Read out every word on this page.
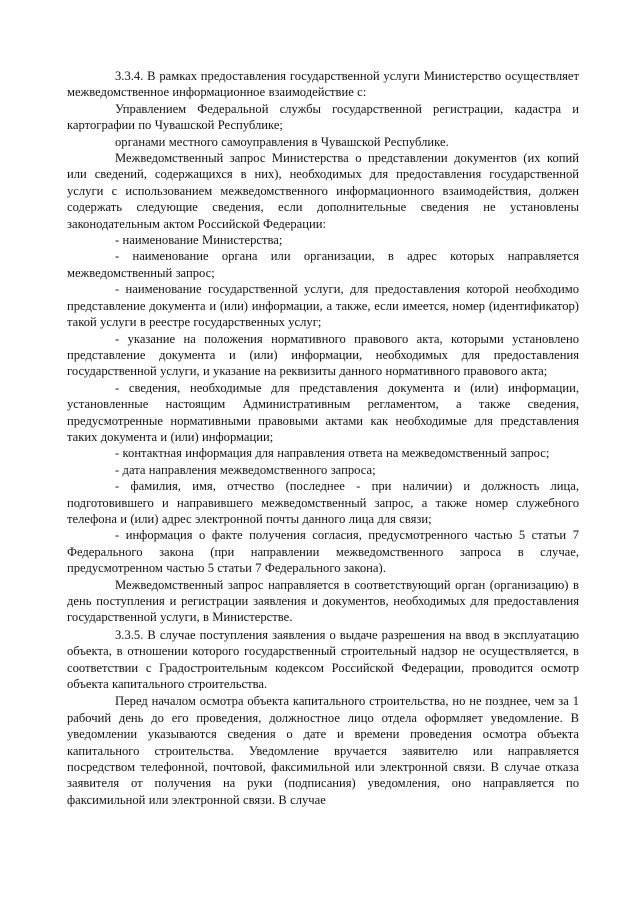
3.3.4. В рамках предоставления государственной услуги Министерство осуществляет межведомственное информационное взаимодействие с:

Управлением Федеральной службы государственной регистрации, кадастра и картографии по Чувашской Республике;

органами местного самоуправления в Чувашской Республике.

Межведомственный запрос Министерства о представлении документов (их копий или сведений, содержащихся в них), необходимых для предоставления государственной услуги с использованием межведомственного информационного взаимодействия, должен содержать следующие сведения, если дополнительные сведения не установлены законодательным актом Российской Федерации:

- наименование Министерства;

- наименование органа или организации, в адрес которых направляется межведомственный запрос;

- наименование государственной услуги, для предоставления которой необходимо представление документа и (или) информации, а также, если имеется, номер (идентификатор) такой услуги в реестре государственных услуг;

- указание на положения нормативного правового акта, которыми установлено представление документа и (или) информации, необходимых для предоставления государственной услуги, и указание на реквизиты данного нормативного правового акта;

- сведения, необходимые для представления документа и (или) информации, установленные настоящим Административным регламентом, а также сведения, предусмотренные нормативными правовыми актами как необходимые для представления таких документа и (или) информации;

- контактная информация для направления ответа на межведомственный запрос;

- дата направления межведомственного запроса;

- фамилия, имя, отчество (последнее - при наличии) и должность лица, подготовившего и направившего межведомственный запрос, а также номер служебного телефона и (или) адрес электронной почты данного лица для связи;

- информация о факте получения согласия, предусмотренного частью 5 статьи 7 Федерального закона (при направлении межведомственного запроса в случае, предусмотренном частью 5 статьи 7 Федерального закона).

Межведомственный запрос направляется в соответствующий орган (организацию) в день поступления и регистрации заявления и документов, необходимых для предоставления государственной услуги, в Министерстве.

3.3.5. В случае поступления заявления о выдаче разрешения на ввод в эксплуатацию объекта, в отношении которого государственный строительный надзор не осуществляется, в соответствии с Градостроительным кодексом Российской Федерации, проводится осмотр объекта капитального строительства.

Перед началом осмотра объекта капитального строительства, но не позднее, чем за 1 рабочий день до его проведения, должностное лицо отдела оформляет уведомление. В уведомлении указываются сведения о дате и времени проведения осмотра объекта капитального строительства. Уведомление вручается заявителю или направляется посредством телефонной, почтовой, факсимильной или электронной связи. В случае отказа заявителя от получения на руки (подписания) уведомления, оно направляется по факсимильной или электронной связи. В случае
